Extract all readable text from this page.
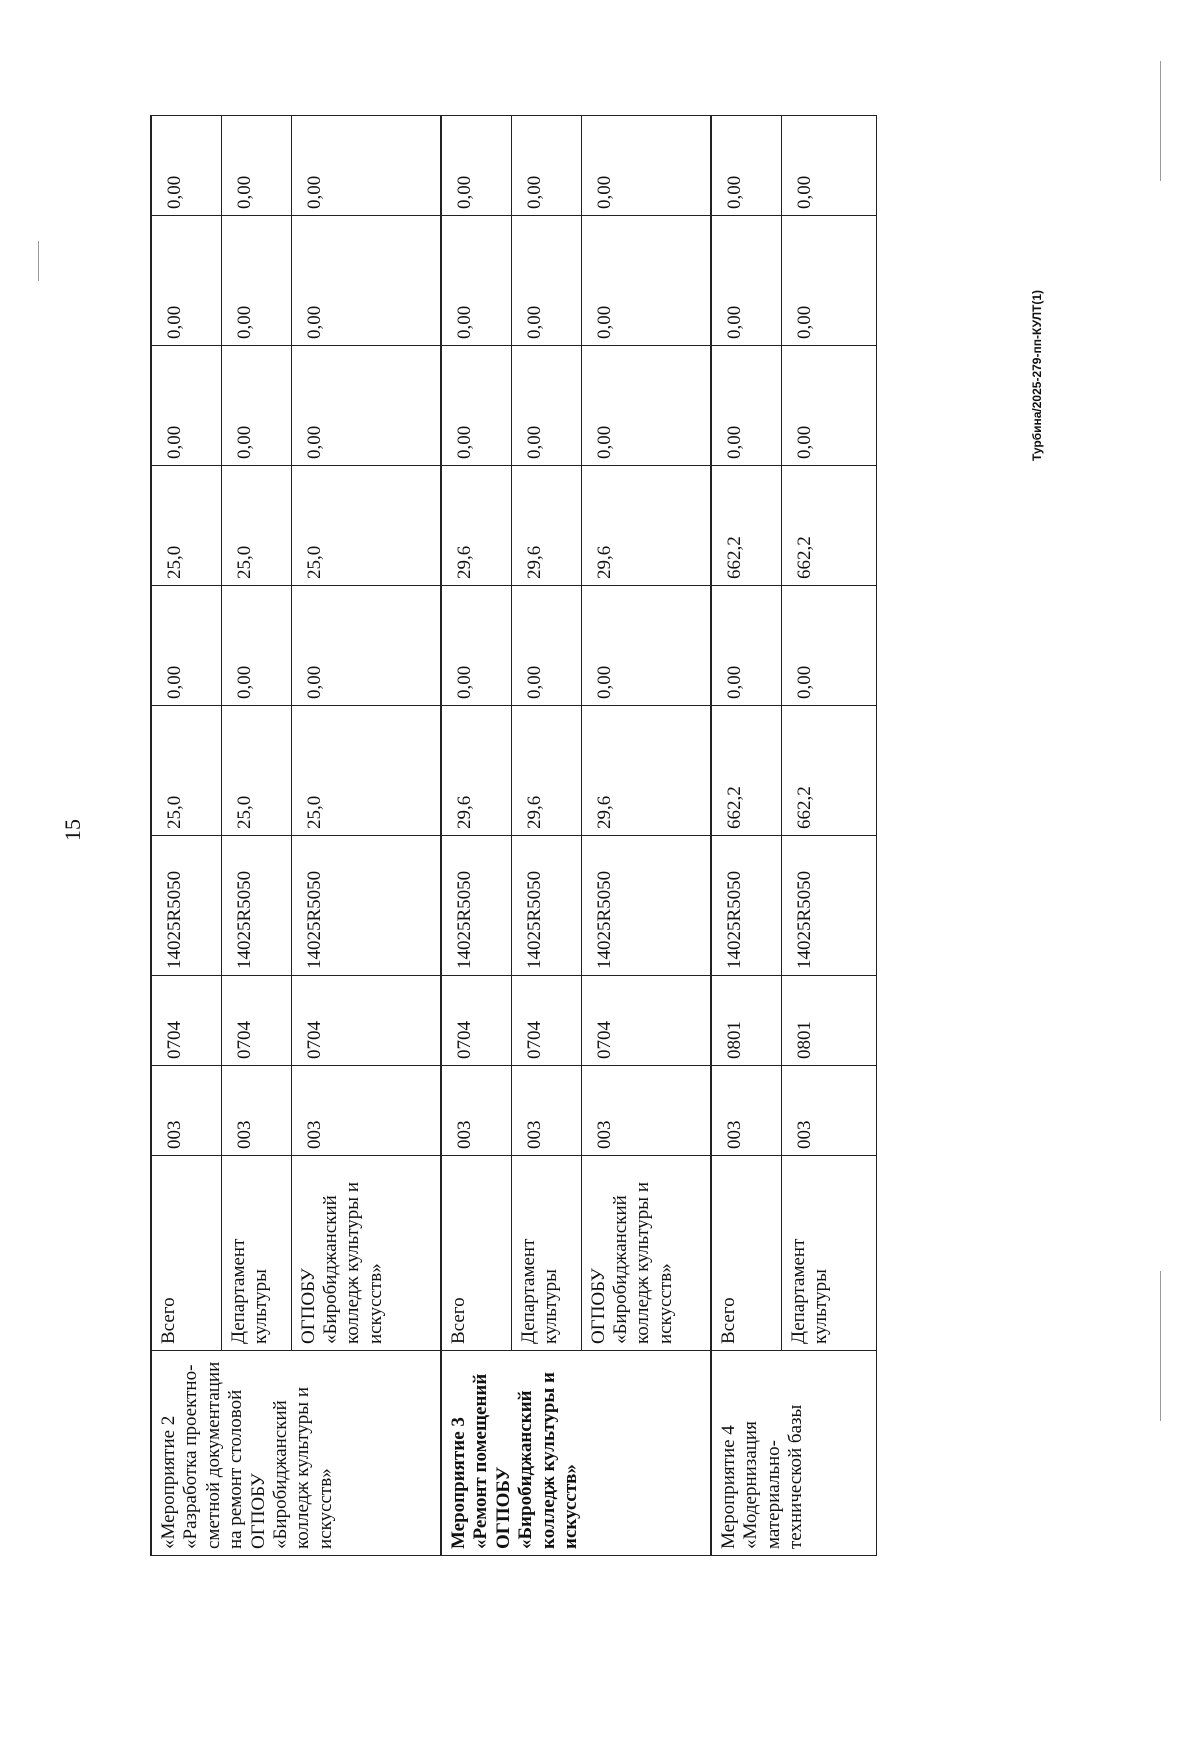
15
«Мероприятие 2 «Разработка проектно-сметной документации на ремонт столовой ОГПОБУ «Биробиджанский колледж культуры и искусств»	Всего	003	0704	14025R5050	25,0	0,00	25,0	0,00	0,00	0,00
	Департамент культуры	003	0704	14025R5050	25,0	0,00	25,0	0,00	0,00	0,00
	ОГПОБУ «Биробиджанский колледж культуры и искусств»	003	0704	14025R5050	25,0	0,00	25,0	0,00	0,00	0,00
Мероприятие 3 «Ремонт помещений ОГПОБУ «Биробиджанский колледж культуры и искусств»	Всего	003	0704	14025R5050	29,6	0,00	29,6	0,00	0,00	0,00
	Департамент культуры	003	0704	14025R5050	29,6	0,00	29,6	0,00	0,00	0,00
	ОГПОБУ «Биробиджанский колледж культуры и искусств»	003	0704	14025R5050	29,6	0,00	29,6	0,00	0,00	0,00
Мероприятие 4 «Модернизация материально-технической базы	Всего	003	0801	14025R5050	662,2	0,00	662,2	0,00	0,00	0,00
	Департамент культуры	003	0801	14025R5050	662,2	0,00	662,2	0,00	0,00	0,00
Турбина/2025-279-пп-КУЛТ(1)
